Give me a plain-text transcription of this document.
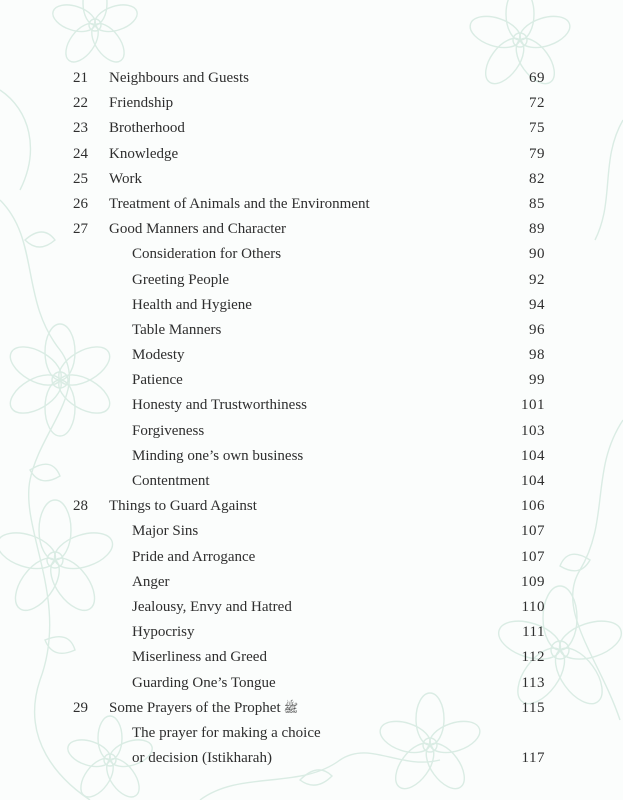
21 Neighbours and Guests	69
22 Friendship	72
23 Brotherhood	75
24 Knowledge	79
25 Work	82
26 Treatment of Animals and the Environment	85
27 Good Manners and Character	89
Consideration for Others	90
Greeting People	92
Health and Hygiene	94
Table Manners	96
Modesty	98
Patience	99
Honesty and Trustworthiness	101
Forgiveness	103
Minding one’s own business	104
Contentment	104
28 Things to Guard Against	106
Major Sins	107
Pride and Arrogance	107
Anger	109
Jealousy, Envy and Hatred	110
Hypocrisy	111
Miserliness and Greed	112
Guarding One’s Tongue	113
29 Some Prayers of the Prophet ﷺ	115
The prayer for making a choice
or decision (Istikharah)	117
